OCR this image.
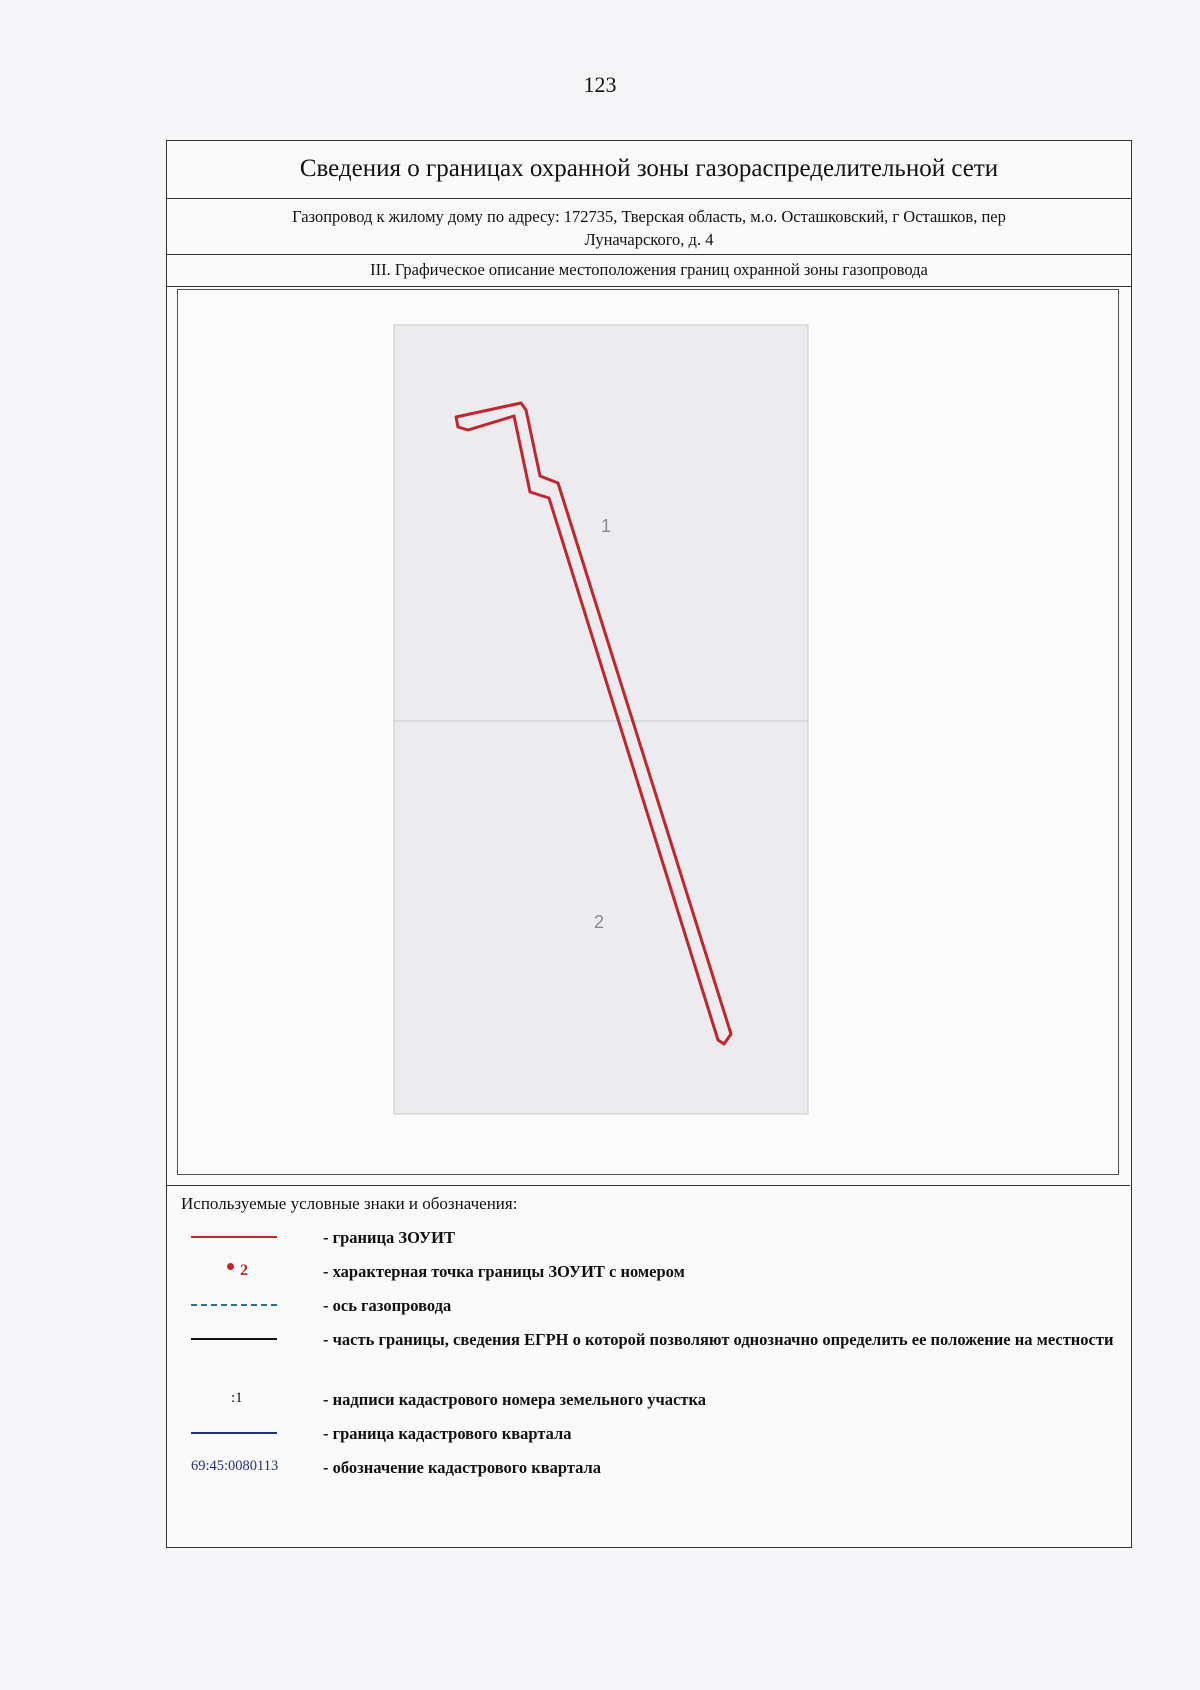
123
Сведения о границах охранной зоны газораспределительной сети
Газопровод к жилому дому по адресу: 172735, Тверская область, м.о. Осташковский, г Осташков, пер
Луначарского, д. 4
III. Графическое описание местоположения границ охранной зоны газопровода
1
2
Используемые условные знаки и обозначения:
- граница ЗОУИТ
2	- характерная точка границы ЗОУИТ с номером
- ось газопровода
- часть границы, сведения ЕГРН о которой позволяют однозначно определить ее положение на местности
:1	- надписи кадастрового номера земельного участка
- граница кадастрового квартала
69:45:0080113	- обозначение кадастрового квартала
